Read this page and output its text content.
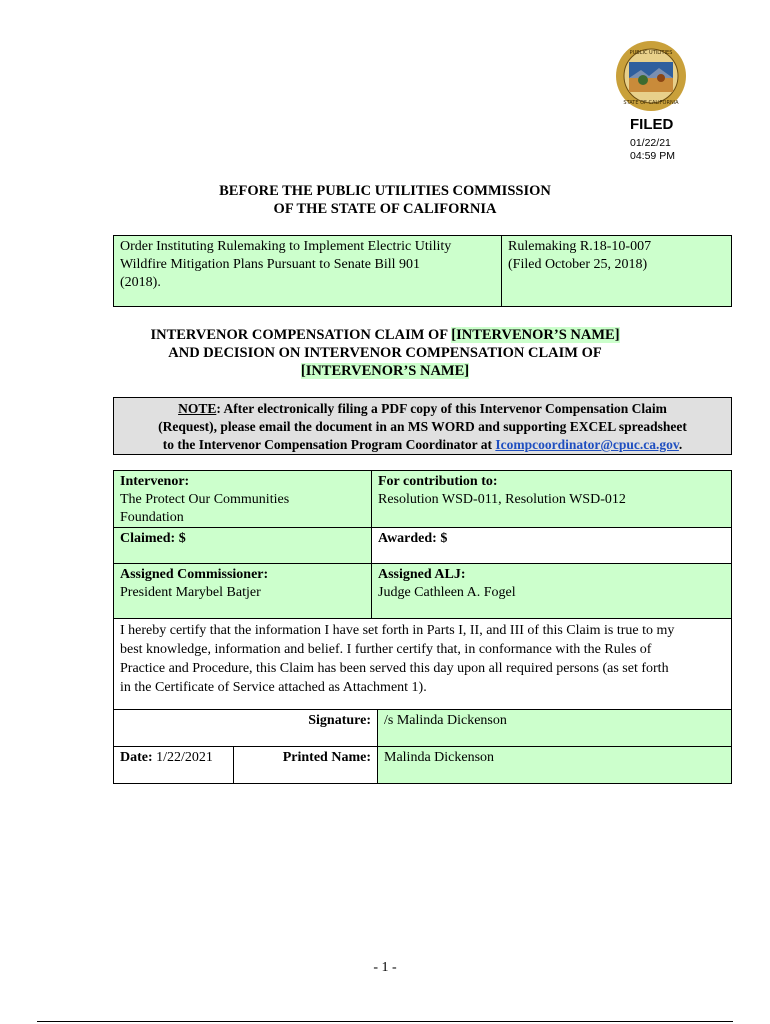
PUBLIC UTILITIES
STATE OF CALIFORNIA
FILED
01/22/21
04:59 PM
BEFORE THE PUBLIC UTILITIES COMMISSION
OF THE STATE OF CALIFORNIA
Order Instituting Rulemaking to Implement Electric Utility
Wildfire Mitigation Plans Pursuant to Senate Bill 901
(2018).
Rulemaking R.18-10-007
(Filed October 25, 2018)
INTERVENOR COMPENSATION CLAIM OF [INTERVENOR’S NAME]
AND DECISION ON INTERVENOR COMPENSATION CLAIM OF
[INTERVENOR’S NAME]
NOTE: After electronically filing a PDF copy of this Intervenor Compensation Claim
(Request), please email the document in an MS WORD and supporting EXCEL spreadsheet
to the Intervenor Compensation Program Coordinator at Icompcoordinator@cpuc.ca.gov.
Intervenor:
The Protect Our Communities
Foundation
For contribution to:
Resolution WSD-011, Resolution WSD-012
Claimed: $	Awarded: $
Assigned Commissioner:
President Marybel Batjer
Assigned ALJ:
Judge Cathleen A. Fogel
I hereby certify that the information I have set forth in Parts I, II, and III of this Claim is true to my
best knowledge, information and belief. I further certify that, in conformance with the Rules of
Practice and Procedure, this Claim has been served this day upon all required persons (as set forth
in the Certificate of Service attached as Attachment 1).
Signature: /s Malinda Dickenson
Date: 1/22/2021	Printed Name: Malinda Dickenson
- 1 -
